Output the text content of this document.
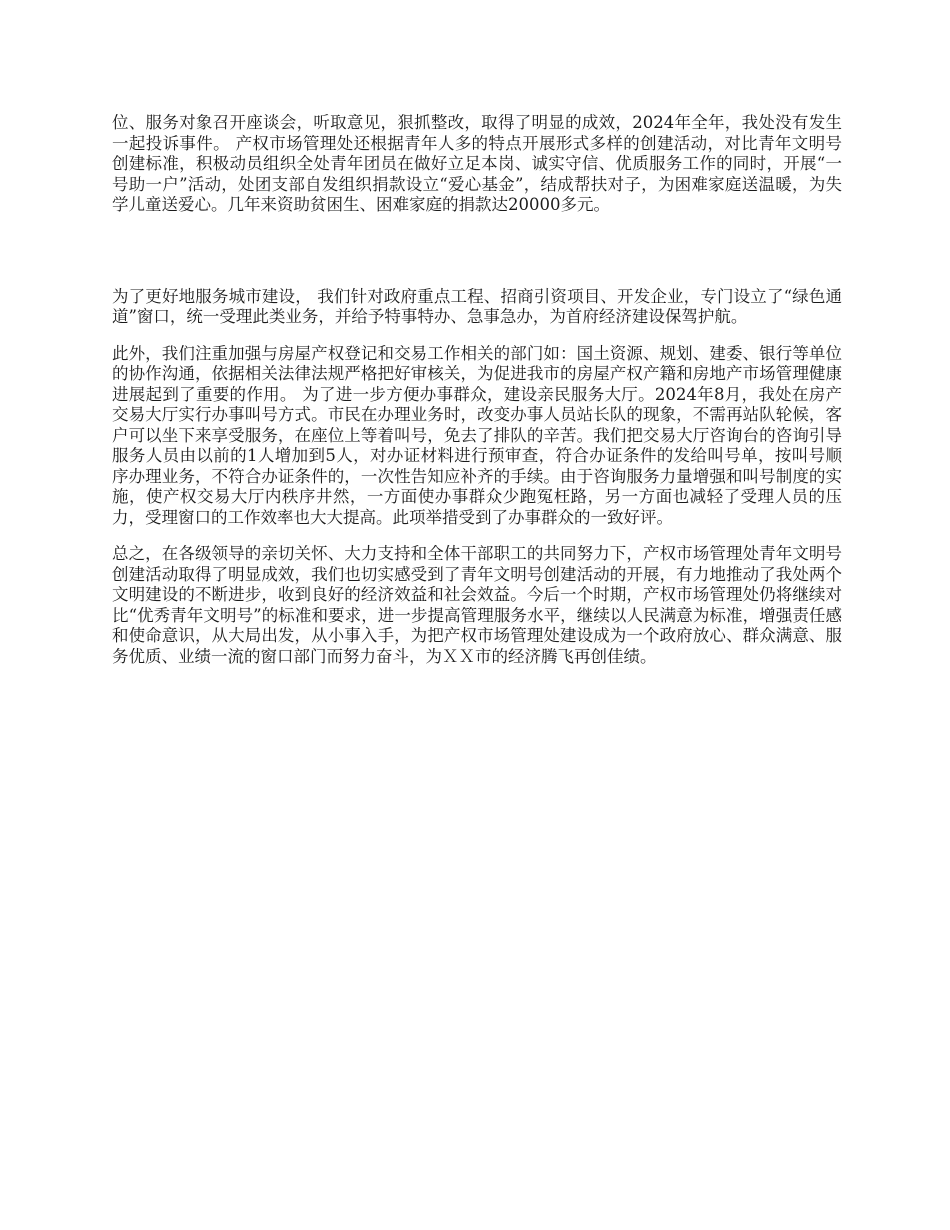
位、服务对象召开座谈会，听取意见，狠抓整改，取得了明显的成效，2024年全年，我处没有发生一起投诉事件。 产权市场管理处还根据青年人多的特点开展形式多样的创建活动，对比青年文明号创建标准，积极动员组织全处青年团员在做好立足本岗、诚实守信、优质服务工作的同时，开展“一号助一户”活动，处团支部自发组织捐款设立“爱心基金”，结成帮扶对子，为困难家庭送温暖，为失学儿童送爱心。几年来资助贫困生、困难家庭的捐款达20000多元。

为了更好地服务城市建设， 我们针对政府重点工程、招商引资项目、开发企业，专门设立了“绿色通道”窗口，统一受理此类业务，并给予特事特办、急事急办，为首府经济建设保驾护航。

此外，我们注重加强与房屋产权登记和交易工作相关的部门如：国土资源、规划、建委、银行等单位的协作沟通，依据相关法律法规严格把好审核关，为促进我市的房屋产权产籍和房地产市场管理健康进展起到了重要的作用。 为了进一步方便办事群众，建设亲民服务大厅。2024年8月，我处在房产交易大厅实行办事叫号方式。市民在办理业务时，改变办事人员站长队的现象，不需再站队轮候，客户可以坐下来享受服务，在座位上等着叫号，免去了排队的辛苦。我们把交易大厅咨询台的咨询引导服务人员由以前的1人增加到5人，对办证材料进行预审查，符合办证条件的发给叫号单，按叫号顺序办理业务，不符合办证条件的，一次性告知应补齐的手续。由于咨询服务力量增强和叫号制度的实施，使产权交易大厅内秩序井然，一方面使办事群众少跑冤枉路，另一方面也减轻了受理人员的压力，受理窗口的工作效率也大大提高。此项举措受到了办事群众的一致好评。

总之，在各级领导的亲切关怀、大力支持和全体干部职工的共同努力下，产权市场管理处青年文明号创建活动取得了明显成效，我们也切实感受到了青年文明号创建活动的开展，有力地推动了我处两个文明建设的不断进步，收到良好的经济效益和社会效益。今后一个时期，产权市场管理处仍将继续对比“优秀青年文明号”的标准和要求，进一步提高管理服务水平，继续以人民满意为标准，增强责任感和使命意识，从大局出发，从小事入手，为把产权市场管理处建设成为一个政府放心、群众满意、服务优质、业绩一流的窗口部门而努力奋斗，为ＸＸ市的经济腾飞再创佳绩。
